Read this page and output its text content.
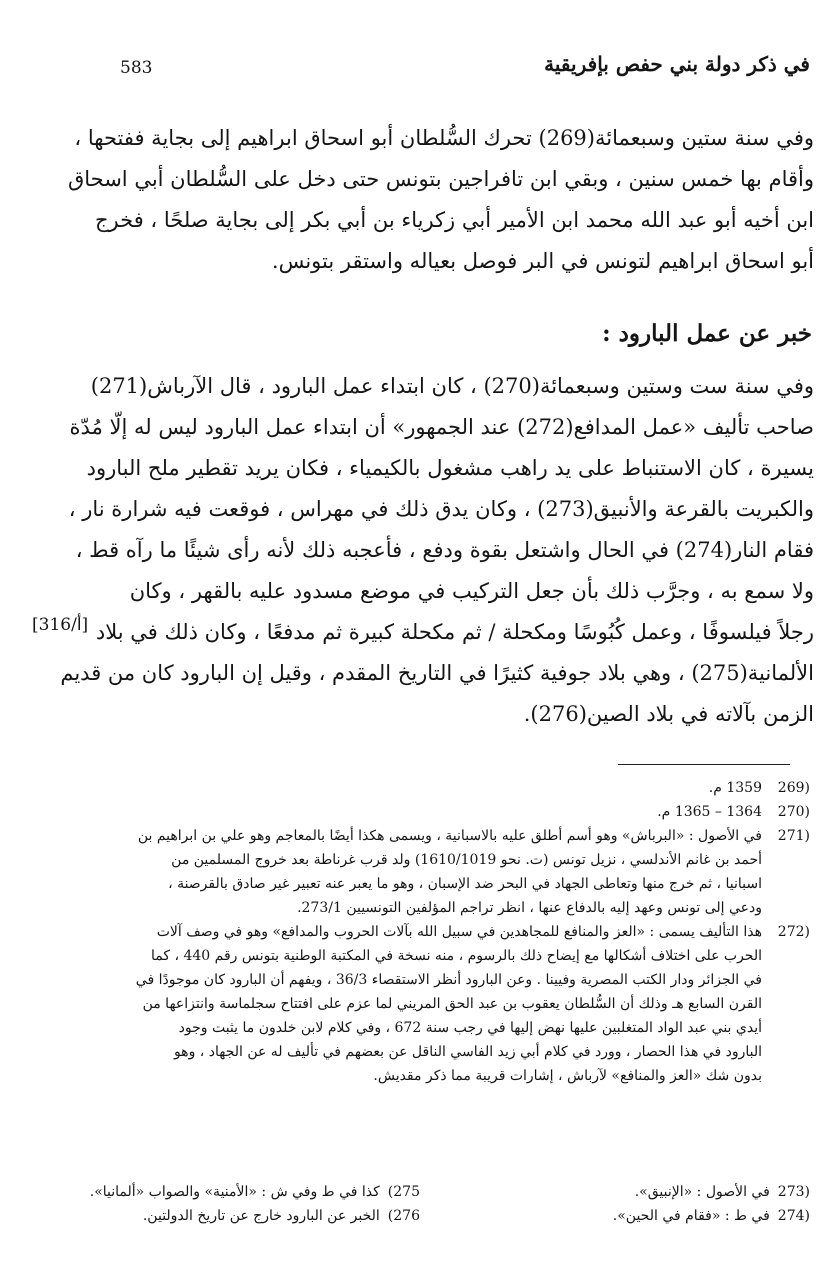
583	في ذكر دولة بني حفص بإفريقية
وفي سنة ستين وسبعمائة(269) تحرك السُّلطان أبو اسحاق ابراهيم إلى بجاية ففتحها ،
وأقام بها خمس سنين ، وبقي ابن تافراجين بتونس حتى دخل على السُّلطان أبي اسحاق
ابن أخيه أبو عبد الله محمد ابن الأمير أبي زكرياء بن أبي بكر إلى بجاية صلحًا ، فخرج
أبو اسحاق ابراهيم لتونس في البر فوصل بعياله واستقر بتونس.
خبر عن عمل البارود :
وفي سنة ست وستين وسبعمائة(270) ، كان ابتداء عمل البارود ، قال الآرباش(271)
صاحب تأليف «عمل المدافع(272) عند الجمهور» أن ابتداء عمل البارود ليس له إلّا مُدّة
يسيرة ، كان الاستنباط على يد راهب مشغول بالكيمياء ، فكان يريد تقطير ملح البارود
والكبريت بالقرعة والأنبيق(273) ، وكان يدق ذلك في مهراس ، فوقعت فيه شرارة نار ،
فقام النار(274) في الحال واشتعل بقوة ودفع ، فأعجبه ذلك لأنه رأى شيئًا ما رآه قط ،
ولا سمع به ، وجرَّب ذلك بأن جعل التركيب في موضع مسدود عليه بالقهر ، وكان
رجلاً فيلسوفًا ، وعمل كُبُوسًا ومكحلة / ثم مكحلة كبيرة ثم مدفعًا ، وكان ذلك في بلاد
الألمانية(275) ، وهي بلاد جوفية كثيرًا في التاريخ المقدم ، وقيل إن البارود كان من قديم
الزمن بآلاته في بلاد الصين(276).
[316/أ]
(269
1359 م.
(270
1364 – 1365 م.
(271
في الأصول : «البرباش» وهو أسم أطلق عليه بالاسبانية ، ويسمى هكذا أيضًا بالمعاجم وهو علي بن ابراهيم بن
أحمد بن غانم الأندلسي ، نزيل تونس (ت. نحو 1610/1019) ولد قرب غرناطة بعد خروج المسلمين من
اسبانيا ، ثم خرج منها وتعاطى الجهاد في البحر ضد الإسبان ، وهو ما يعبر عنه تعبير غير صادق بالقرصنة ،
ودعي إلى تونس وعهد إليه بالدفاع عنها ، انظر تراجم المؤلفين التونسيين 273/1.
(272
هذا التأليف يسمى : «العز والمنافع للمجاهدين في سبيل الله بآلات الحروب والمدافع» وهو في وصف آلات
الحرب على اختلاف أشكالها مع إيضاح ذلك بالرسوم ، منه نسخة في المكتبة الوطنية بتونس رقم 440 ، كما
في الجزائر ودار الكتب المصرية وفيينا . وعن البارود أنظر الاستقصاء 36/3 ، ويفهم أن البارود كان موجودًا في
القرن السابع هـ وذلك أن السُّلطان يعقوب بن عبد الحق المريني لما عزم على افتتاح سجلماسة وانتزاعها من
أيدي بني عبد الواد المتغلبين عليها نهض إليها في رجب سنة 672 ، وفي كلام لابن خلدون ما يثبت وجود
البارود في هذا الحصار ، وورد في كلام أبي زيد الفاسي الناقل عن بعضهم في تأليف له عن الجهاد ، وهو
بدون شك «العز والمنافع» لآرباش ، إشارات قريبة مما ذكر مقديش.
(273
في الأصول : «الإنبيق».
(274
في ط : «فقام في الحين».
275)
كذا في ط وفي ش : «الأمنية» والصواب «ألمانيا».
276)
الخبر عن البارود خارج عن تاريخ الدولتين.
